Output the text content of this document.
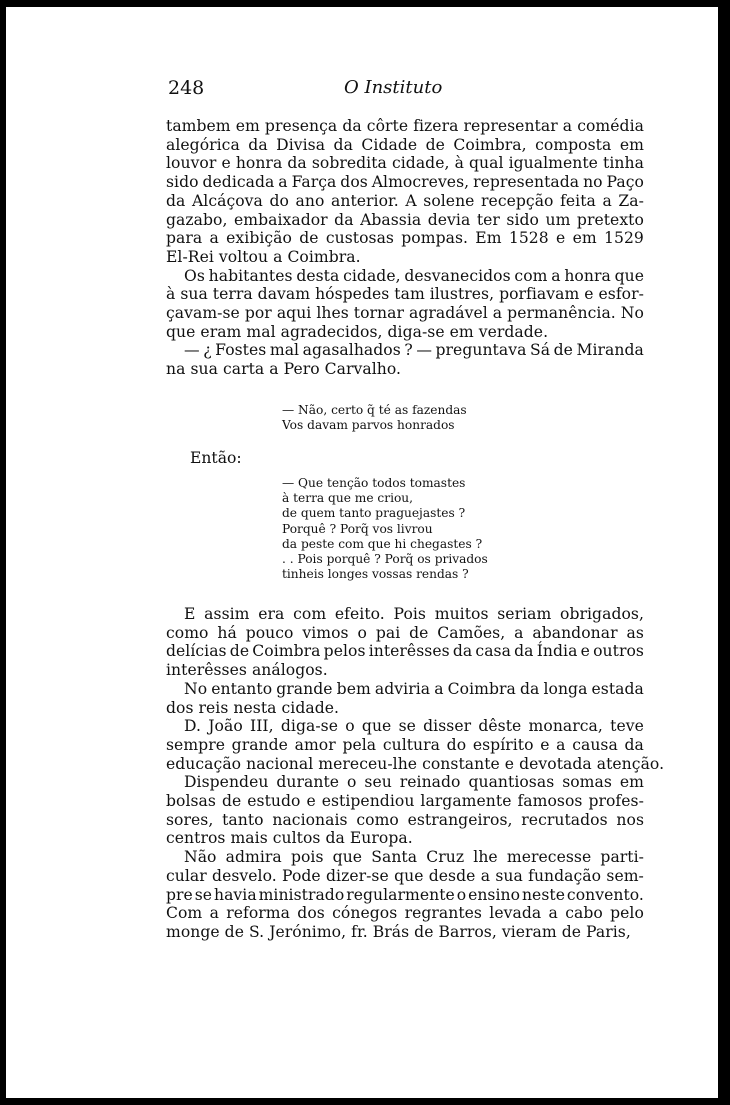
248	O Instituto
tambem em presença da côrte fizera representar a comédia
alegórica da Divisa da Cidade de Coimbra, composta em
louvor e honra da sobredita cidade, à qual igualmente tinha
sido dedicada a Farça dos Almocreves, representada no Paço
da Alcáçova do ano anterior. A solene recepção feita a Za-
gazabo, embaixador da Abassia devia ter sido um pretexto
para a exibição de custosas pompas. Em 1528 e em 1529
El-Rei voltou a Coimbra.
Os habitantes desta cidade, desvanecidos com a honra que
à sua terra davam hóspedes tam ilustres, porfiavam e esfor-
çavam-se por aqui lhes tornar agradável a permanência. No
que eram mal agradecidos, diga-se em verdade.
— ¿ Fostes mal agasalhados ? — preguntava Sá de Miranda
na sua carta a Pero Carvalho.
— Não, certo q̃ té as fazendas
Vos davam parvos honrados
Então:
— Que tenção todos tomastes
à terra que me criou,
de quem tanto praguejastes ?
Porquê ? Porq̃ vos livrou
da peste com que hi chegastes ?
. . Pois porquê ? Porq̃ os privados
tinheis longes vossas rendas ?
E assim era com efeito. Pois muitos seriam obrigados,
como há pouco vimos o pai de Camões, a abandonar as
delícias de Coimbra pelos interêsses da casa da Índia e outros
interêsses análogos.
No entanto grande bem adviria a Coimbra da longa estada
dos reis nesta cidade.
D. João III, diga-se o que se disser dêste monarca, teve
sempre grande amor pela cultura do espírito e a causa da
educação nacional mereceu-lhe constante e devotada atenção.
Dispendeu durante o seu reinado quantiosas somas em
bolsas de estudo e estipendiou largamente famosos profes-
sores, tanto nacionais como estrangeiros, recrutados nos
centros mais cultos da Europa.
Não admira pois que Santa Cruz lhe merecesse parti-
cular desvelo. Pode dizer-se que desde a sua fundação sem-
pre se havia ministrado regularmente o ensino neste convento.
Com a reforma dos cónegos regrantes levada a cabo pelo
monge de S. Jerónimo, fr. Brás de Barros, vieram de Paris,
